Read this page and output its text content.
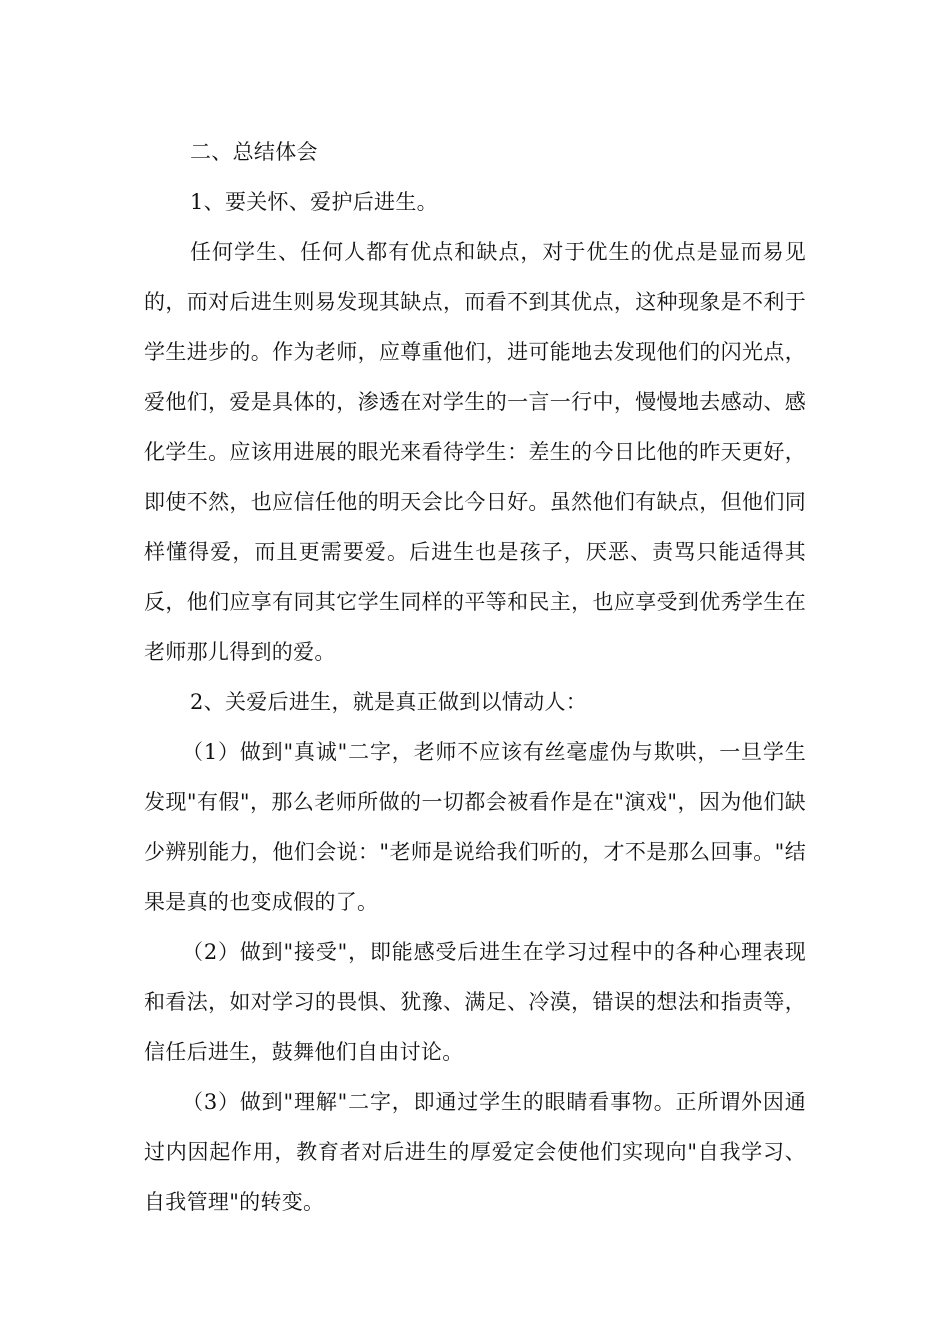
二、总结体会

1、要关怀、爱护后进生。

任何学生、任何人都有优点和缺点，对于优生的优点是显而易见的，而对后进生则易发现其缺点，而看不到其优点，这种现象是不利于学生进步的。作为老师，应尊重他们，进可能地去发现他们的闪光点，爱他们，爱是具体的，渗透在对学生的一言一行中，慢慢地去感动、感化学生。应该用进展的眼光来看待学生：差生的今日比他的昨天更好，即使不然，也应信任他的明天会比今日好。虽然他们有缺点，但他们同样懂得爱，而且更需要爱。后进生也是孩子，厌恶、责骂只能适得其反，他们应享有同其它学生同样的平等和民主，也应享受到优秀学生在老师那儿得到的爱。

2、关爱后进生，就是真正做到以情动人：

（1）做到"真诚"二字，老师不应该有丝毫虚伪与欺哄，一旦学生发现"有假"，那么老师所做的一切都会被看作是在"演戏"，因为他们缺少辨别能力，他们会说："老师是说给我们听的，才不是那么回事。"结果是真的也变成假的了。

（2）做到"接受"，即能感受后进生在学习过程中的各种心理表现和看法，如对学习的畏惧、犹豫、满足、冷漠，错误的想法和指责等，信任后进生，鼓舞他们自由讨论。

（3）做到"理解"二字，即通过学生的眼睛看事物。正所谓外因通过内因起作用，教育者对后进生的厚爱定会使他们实现向"自我学习、自我管理"的转变。
